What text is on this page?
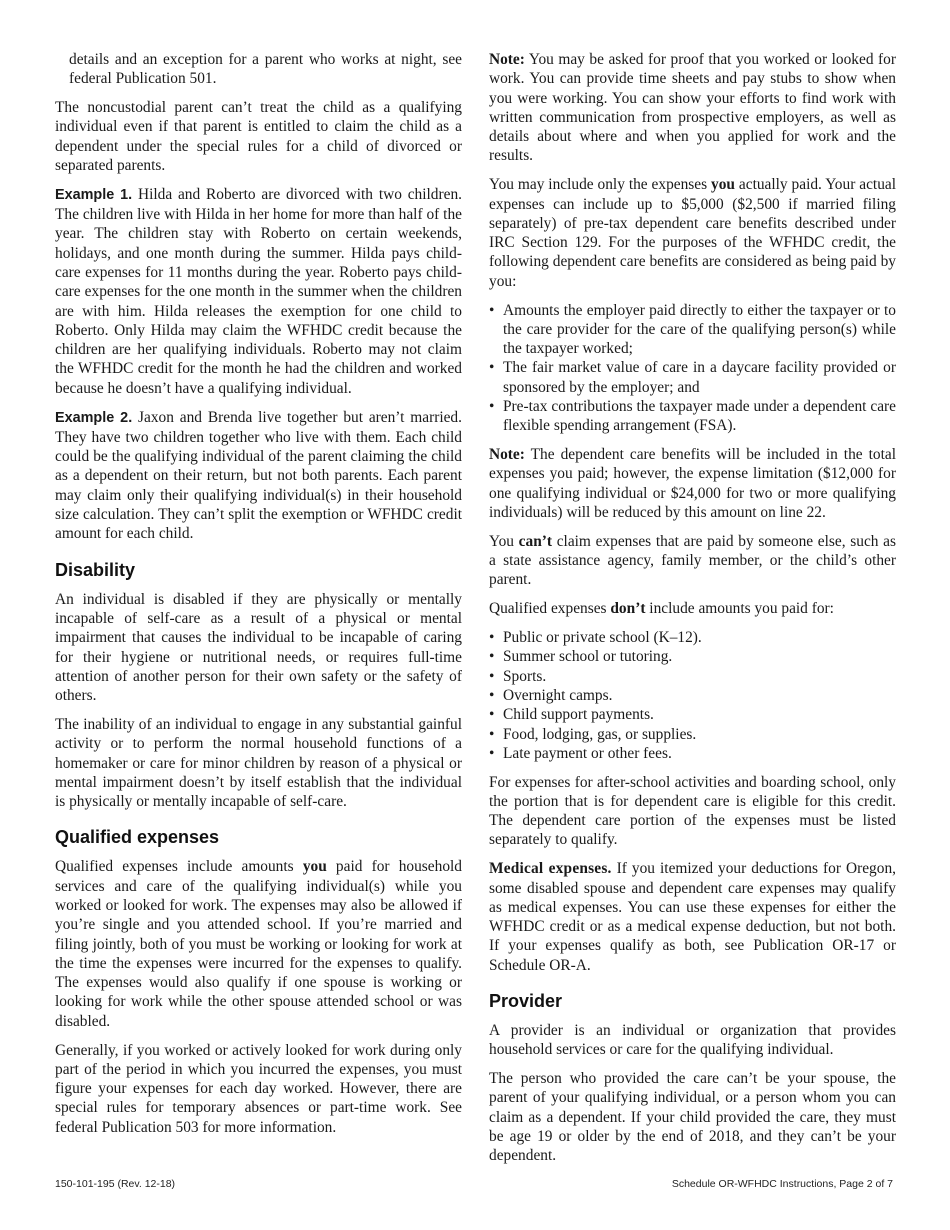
details and an exception for a parent who works at night, see federal Publication 501.

The noncustodial parent can’t treat the child as a qualifying individual even if that parent is entitled to claim the child as a dependent under the special rules for a child of divorced or separated parents.

Example 1. Hilda and Roberto are divorced with two children. The children live with Hilda in her home for more than half of the year. The children stay with Roberto on certain weekends, holidays, and one month during the summer. Hilda pays child-care expenses for 11 months during the year. Roberto pays child-care expenses for the one month in the summer when the children are with him. Hilda releases the exemption for one child to Roberto. Only Hilda may claim the WFHDC credit because the children are her qualifying individuals. Roberto may not claim the WFHDC credit for the month he had the children and worked because he doesn’t have a qualifying individual.

Example 2. Jaxon and Brenda live together but aren’t married. They have two children together who live with them. Each child could be the qualifying individual of the parent claiming the child as a dependent on their return, but not both parents. Each parent may claim only their qualifying individual(s) in their household size calculation. They can’t split the exemption or WFHDC credit amount for each child.

Disability

An individual is disabled if they are physically or mentally incapable of self-care as a result of a physical or mental impairment that causes the individual to be incapable of caring for their hygiene or nutritional needs, or requires full-time attention of another person for their own safety or the safety of others.

The inability of an individual to engage in any substantial gainful activity or to perform the normal household functions of a homemaker or care for minor children by reason of a physical or mental impairment doesn’t by itself establish that the individual is physically or mentally incapable of self-care.

Qualified expenses

Qualified expenses include amounts you paid for household services and care of the qualifying individual(s) while you worked or looked for work. The expenses may also be allowed if you’re single and you attended school. If you’re married and filing jointly, both of you must be working or looking for work at the time the expenses were incurred for the expenses to qualify. The expenses would also qualify if one spouse is working or looking for work while the other spouse attended school or was disabled.

Generally, if you worked or actively looked for work during only part of the period in which you incurred the expenses, you must figure your expenses for each day worked. However, there are special rules for temporary absences or part-time work. See federal Publication 503 for more information.

Note: You may be asked for proof that you worked or looked for work. You can provide time sheets and pay stubs to show when you were working. You can show your efforts to find work with written communication from prospective employers, as well as details about where and when you applied for work and the results.

You may include only the expenses you actually paid. Your actual expenses can include up to $5,000 ($2,500 if married filing separately) of pre-tax dependent care benefits described under IRC Section 129. For the purposes of the WFHDC credit, the following dependent care benefits are considered as being paid by you:

• Amounts the employer paid directly to either the taxpayer or to the care provider for the care of the qualifying person(s) while the taxpayer worked;
• The fair market value of care in a daycare facility provided or sponsored by the employer; and
• Pre-tax contributions the taxpayer made under a dependent care flexible spending arrangement (FSA).

Note: The dependent care benefits will be included in the total expenses you paid; however, the expense limitation ($12,000 for one qualifying individual or $24,000 for two or more qualifying individuals) will be reduced by this amount on line 22.

You can’t claim expenses that are paid by someone else, such as a state assistance agency, family member, or the child’s other parent.

Qualified expenses don’t include amounts you paid for:

• Public or private school (K–12).
• Summer school or tutoring.
• Sports.
• Overnight camps.
• Child support payments.
• Food, lodging, gas, or supplies.
• Late payment or other fees.

For expenses for after-school activities and boarding school, only the portion that is for dependent care is eligible for this credit. The dependent care portion of the expenses must be listed separately to qualify.

Medical expenses. If you itemized your deductions for Oregon, some disabled spouse and dependent care expenses may qualify as medical expenses. You can use these expenses for either the WFHDC credit or as a medical expense deduction, but not both. If your expenses qualify as both, see Publication OR-17 or Schedule OR-A.

Provider

A provider is an individual or organization that provides household services or care for the qualifying individual.

The person who provided the care can’t be your spouse, the parent of your qualifying individual, or a person whom you can claim as a dependent. If your child provided the care, they must be age 19 or older by the end of 2018, and they can’t be your dependent.

150-101-195 (Rev. 12-18)	Schedule OR-WFHDC Instructions, Page 2 of 7
